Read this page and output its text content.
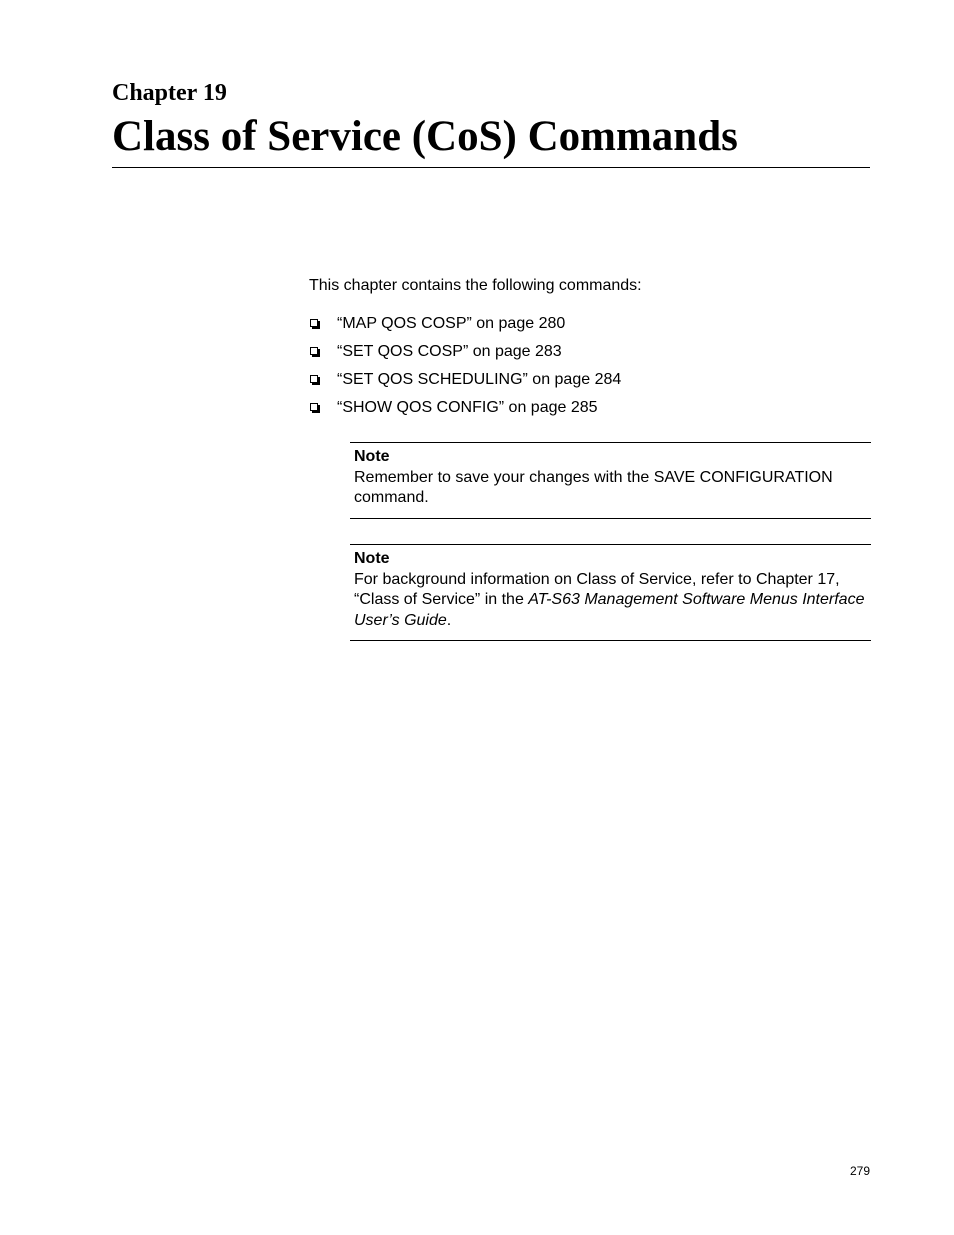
Chapter 19
Class of Service (CoS) Commands

This chapter contains the following commands:

“MAP QOS COSP” on page 280
“SET QOS COSP” on page 283
“SET QOS SCHEDULING” on page 284
“SHOW QOS CONFIG” on page 285
Note
Remember to save your changes with the SAVE CONFIGURATION command.
Note
For background information on Class of Service, refer to Chapter 17, “Class of Service” in the AT-S63 Management Software Menus Interface User’s Guide.
279
